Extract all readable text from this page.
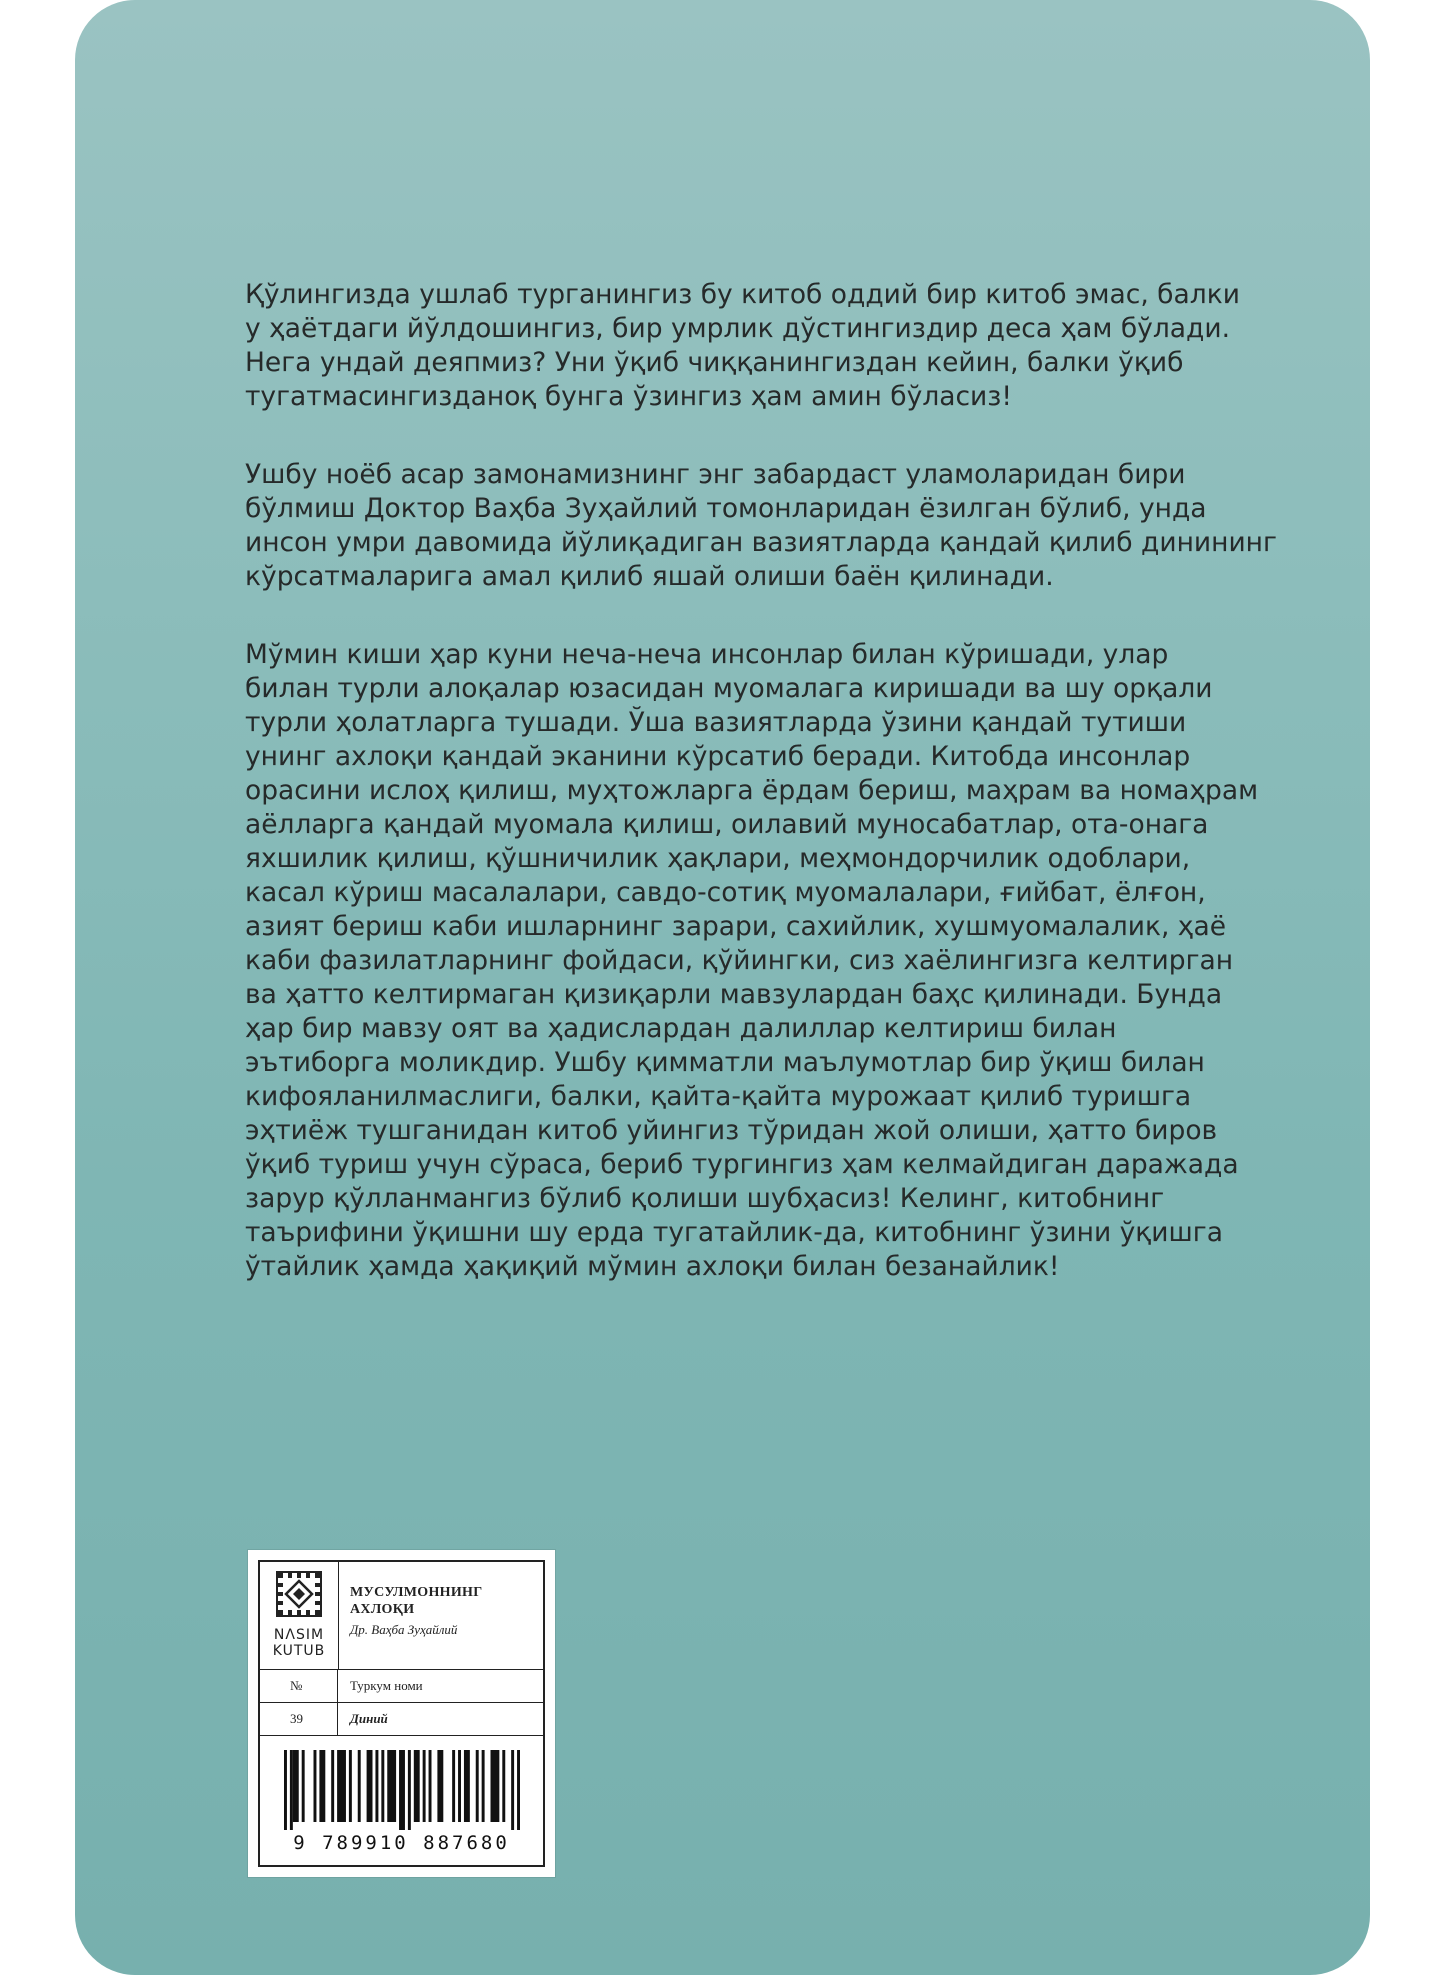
Қўлингизда ушлаб турганингиз бу китоб оддий бир китоб эмас, балки
у ҳаётдаги йўлдошингиз, бир умрлик дўстингиздир деса ҳам бўлади.
Нега ундай деяпмиз? Уни ўқиб чиққанингиздан кейин, балки ўқиб
тугатмасингизданоқ бунга ўзингиз ҳам амин бўласиз!

Ушбу ноёб асар замонамизнинг энг забардаст уламоларидан бири
бўлмиш Доктор Ваҳба Зуҳайлий томонларидан ёзилган бўлиб, унда
инсон умри давомида йўлиқадиган вазиятларда қандай қилиб динининг
кўрсатмаларига амал қилиб яшай олиши баён қилинади.

Мўмин киши ҳар куни неча-неча инсонлар билан кўришади, улар
билан турли алоқалар юзасидан муомалага киришади ва шу орқали
турли ҳолатларга тушади. Ўша вазиятларда ўзини қандай тутиши
унинг ахлоқи қандай эканини кўрсатиб беради. Китобда инсонлар
орасини ислоҳ қилиш, муҳтожларга ёрдам бериш, маҳрам ва номаҳрам
аёлларга қандай муомала қилиш, оилавий муносабатлар, ота-онага
яхшилик қилиш, қўшничилик ҳақлари, меҳмондорчилик одоблари,
касал кўриш масалалари, савдо-сотиқ муомалалари, ғийбат, ёлғон,
азият бериш каби ишларнинг зарари, сахийлик, хушмуомалалик, ҳаё
каби фазилатларнинг фойдаси, қўйингки, сиз хаёлингизга келтирган
ва ҳатто келтирмаган қизиқарли мавзулардан баҳс қилинади. Бунда
ҳар бир мавзу оят ва ҳадислардан далиллар келтириш билан
эътиборга моликдир. Ушбу қимматли маълумотлар бир ўқиш билан
кифояланилмаслиги, балки, қайта-қайта мурожаат қилиб туришга
эҳтиёж тушганидан китоб уйингиз тўридан жой олиши, ҳатто биров
ўқиб туриш учун сўраса, бериб тургингиз ҳам келмайдиган даражада
зарур қўлланмангиз бўлиб қолиши шубҳасиз! Келинг, китобнинг
таърифини ўқишни шу ерда тугатайлик-да, китобнинг ўзини ўқишга
ўтайлик ҳамда ҳақиқий мўмин ахлоқи билан безанайлик!

NΛSIM
KUTUB
МУСУЛМОННИНГ АХЛОҚИ
Др. Ваҳба Зуҳайлий
№	Туркум номи
39	Диний
9 789910 887680
